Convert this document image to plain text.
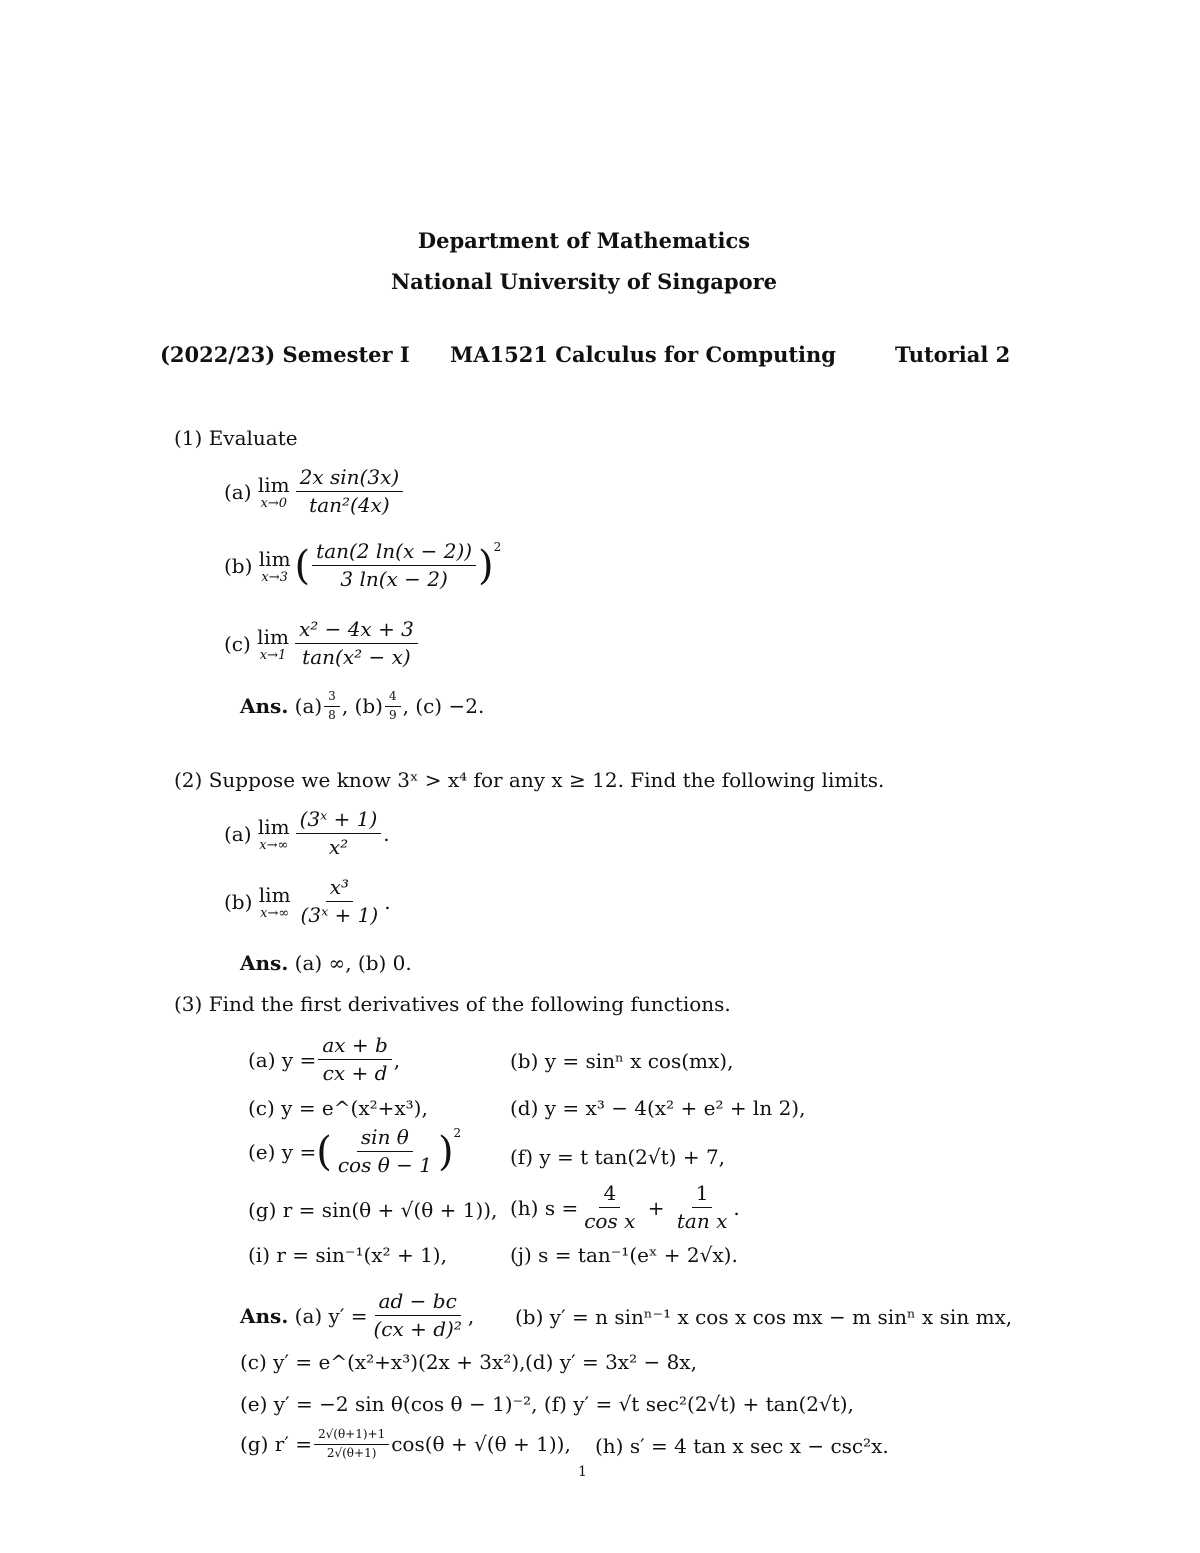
Department of Mathematics
National University of Singapore
(2022/23) Semester I MA1521 Calculus for Computing	Tutorial 2
(1) Evaluate
(a)
lim
$x\to 0 \frac{\text{2x sin(3x)}}{\text{tan²(4x)}}$
(b)
lim
x→3 ( $\frac{\tan(2 \ln(x - 2))}{3 \ln(x - 2)} )^2$
(c)
lim
$x\to 1 \frac{\text{x² − 4x + 3}}{\text{tan(x² − x)}}$
Ans.
$(a) \frac{3}{8}$ , $(b) \frac{4}{9}$ , (c) −2.
(2) Suppose we know 3ˣ > x⁴ for any x ≥ 12. Find the following limits.
(a)
lim
$x\to\infty \frac{\text{(3ˣ + 1)}}{\text{x²}}$ .
(b)
lim
$x\to\infty \frac{\text{x³}}{\text{(3ˣ + 1)}}$ .
Ans. (a) ∞, (b) 0.
(3) Find the first derivatives of the following functions.
(a) $y = \frac{ax + b}{cx + d}$ ,	(b) y = sinⁿ x cos(mx),
(c) y = e^(x²+x³),	(d) y = x³ − 4(x² + e² + ln 2),
(e) y = ( $\frac{\text{sin θ}}{\text{cos θ − 1}} )^2$
(f) y = t tan(2√t) + 7,
(g) r = sin(θ + √(θ + 1)), (h) $s = \frac{4}{\text{cos x}} + \frac{1}{\text{tan x}}$ .
(i) r = sin⁻¹(x² + 1),	(j) s = tan⁻¹(eˣ + 2√x).
Ans.
(a) $y' = \frac{ad - bc}{\text{(cx + d)²}}$ , (b) y′ = n sinⁿ⁻¹ x cos x cos mx − m sinⁿ x sin mx,
(c) y′ = e^(x²+x³)(2x + 3x²), (d) y′ = 3x² − 8x,
(e) y′ = −2 sin θ(cos θ − 1)⁻², (f) y′ = √t sec²(2√t) + tan(2√t),
(g) $r' = \frac{2√(\theta+1)+1}{2√(\theta+1)} \cos(\theta + √(\theta + 1))$, (h) s′ = 4 tan x sec x − csc²x.
1
